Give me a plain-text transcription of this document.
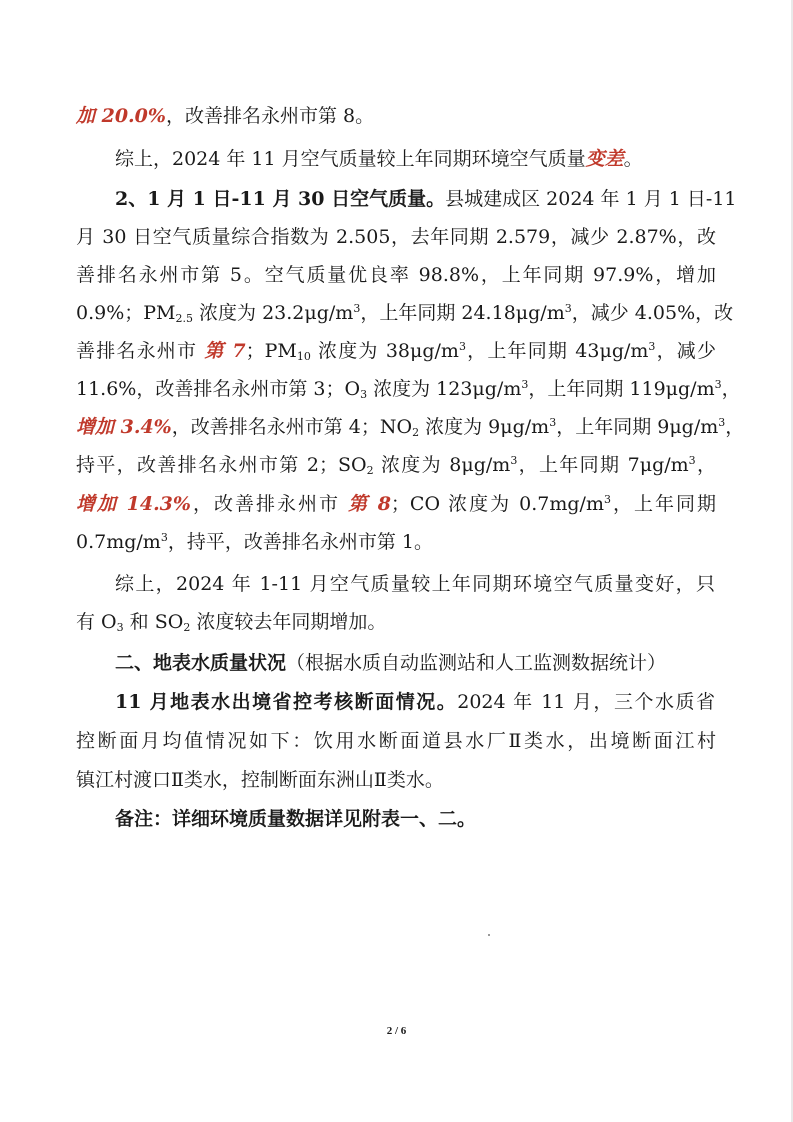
加 20.0%，改善排名永州市第 8。
综上，2024 年 11 月空气质量较上年同期环境空气质量变差。
2、1 月 1 日-11 月 30 日空气质量。县城建成区 2024 年 1 月 1 日-11
月 30 日空气质量综合指数为 2.505，去年同期 2.579，减少 2.87%，改
善排名永州市第 5。空气质量优良率 98.8%，上年同期 97.9%，增加
0.9%；$PM_{2.5}$ 浓度为 $23.2\mu g/m^3$，上年同期 $24.18\mu g/m^3$，减少 4.05%，改
善排名永州市 第 7；$PM_{10}$ 浓度为 $38\mu g/m^3$，上年同期 $43\mu g/m^3$，减少
11.6%，改善排名永州市第 3；$O_3$ 浓度为 $123\mu g/m^3$，上年同期 $119\mu g/m^3$，
增加 3.4%，改善排名永州市第 4；$NO_2$ 浓度为 $9\mu g/m^3$，上年同期 $9\mu g/m^3$，
持平，改善排名永州市第 2；$SO_2$ 浓度为 $8\mu g/m^3$，上年同期 $7\mu g/m^3$，
增加 14.3%，改善排永州市 第 8；CO 浓度为 $0.7mg/m^3$，上年同期
$0.7mg/m^3$，持平，改善排名永州市第 1。
综上，2024 年 1-11 月空气质量较上年同期环境空气质量变好，只
有 $O_3$ 和 $SO_2$ 浓度较去年同期增加。
二、地表水质量状况（根据水质自动监测站和人工监测数据统计）
11 月地表水出境省控考核断面情况。2024 年 11 月，三个水质省
控断面月均值情况如下：饮用水断面道县水厂Ⅱ类水，出境断面江村
镇江村渡口Ⅱ类水，控制断面东洲山Ⅱ类水。
备注：详细环境质量数据详见附表一、二。
2 / 6
